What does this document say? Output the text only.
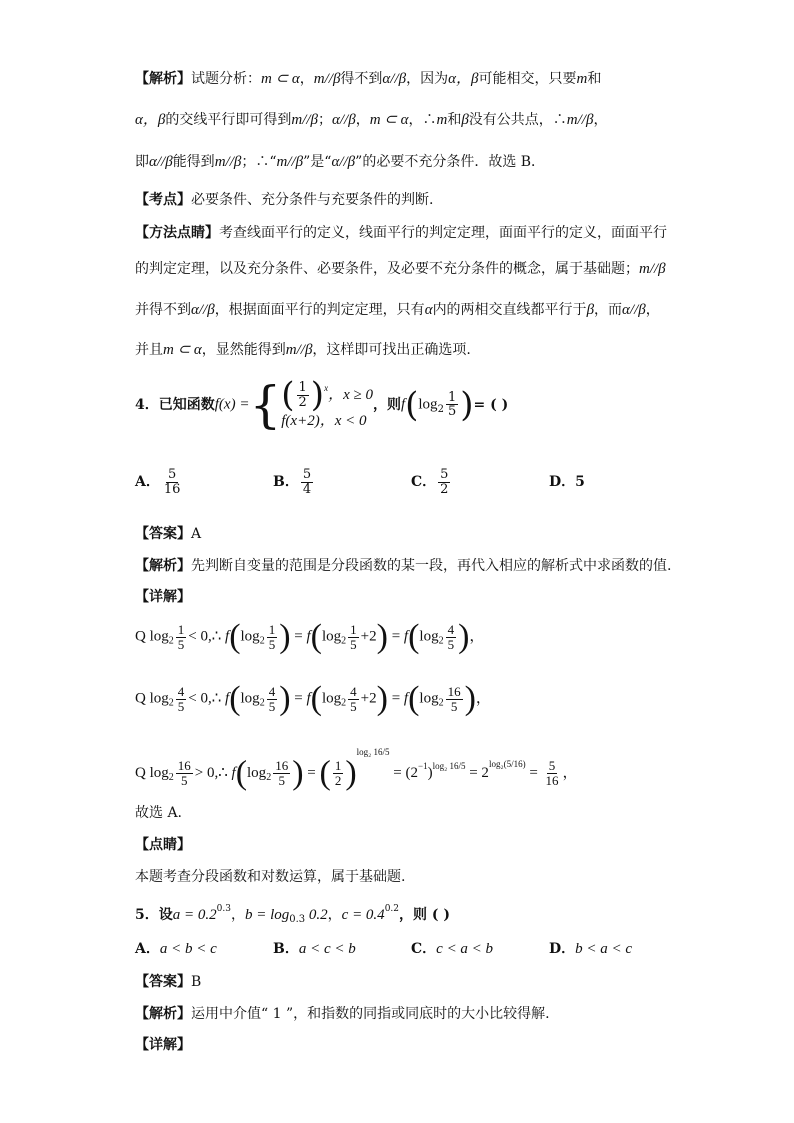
【解析】试题分析：m ⊂ α，m//β得不到α//β，因为α，β可能相交，只要m和
α，β的交线平行即可得到m//β；α//β，m ⊂ α，∴m和β没有公共点，∴m//β，
即α//β能得到m//β；∴“m//β”是“α//β”的必要不充分条件．故选 B．
【考点】必要条件、充分条件与充要条件的判断.
【方法点睛】考查线面平行的定义，线面平行的判定定理，面面平行的定义，面面平行
的判定定理，以及充分条件、必要条件，及必要不充分条件的概念，属于基础题；m//β
并得不到α//β，根据面面平行的判定定理，只有α内的两相交直线都平行于β，而α//β，
并且m ⊂ α，显然能得到m//β，这样即可找出正确选项.
4．已知函数f(x) ={ ( $\frac{1}{2} )^x$，x ≥ 0
f(x+2)，x < 0
，则$f(\log_2 \frac{1}{5}$ )= ( )
A． $\frac{5}{16}$	B． $\frac{5}{4}$	C． $\frac{5}{2}$	D．5
【答案】A
【解析】先判断自变量的范围是分段函数的某一段，再代入相应的解析式中求函数的值.
【详解】
Q $\log_2 \frac{1}{5}$ < 0,∴ $f(\log_2 \frac{1}{5}$ ) = $f(\log_2 \frac{1}{5} +2) = f(\log_2 \frac{4}{5}$ )，
Q $\log_2 \frac{4}{5}$ < 0,∴ $f(\log_2 \frac{4}{5}$ ) = $f(\log_2 \frac{4}{5} +2) = f(\log_2 \frac{16}{5}$ )，
Q $\log_2 \frac{16}{5}$ > 0,∴ $f(\log_2 \frac{16}{5}$ ) = ( $\frac{1}{2} )^{log_2 16/5} = (2^{-1})^{log_2 16/5} = 2^{log_2(5/16)} = \frac{5}{16}$ ，
故选 A.
【点睛】
本题考查分段函数和对数运算，属于基础题.
5．设$a = 0.2^{0.3}$，$b = \log_{0.3} 0.2$，$c = 0.4^{0.2}$，则 ( )
A．a < b < c	B．a < c < b	C．c < a < b	D．b < a < c
【答案】B
【解析】运用中介值“ 1 ”，和指数的同指或同底时的大小比较得解.
【详解】
